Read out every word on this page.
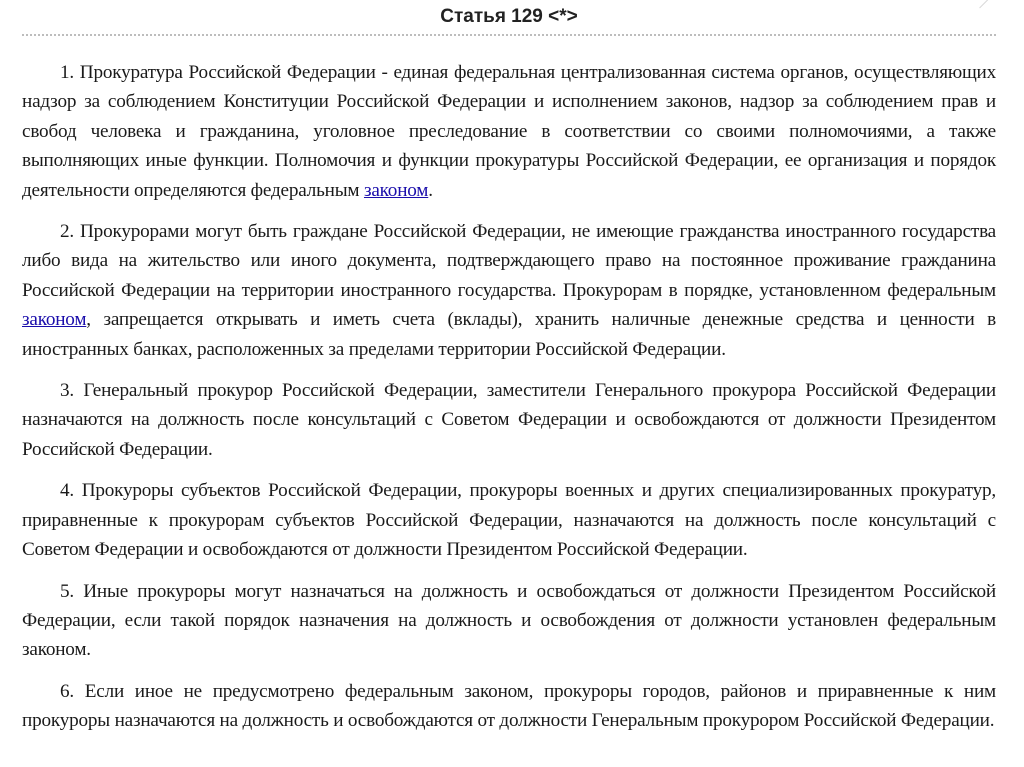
Статья 129 <*>

1. Прокуратура Российской Федерации - единая федеральная централизованная система органов, осуществляющих надзор за соблюдением Конституции Российской Федерации и исполнением законов, надзор за соблюдением прав и свобод человека и гражданина, уголовное преследование в соответствии со своими полномочиями, а также выполняющих иные функции. Полномочия и функции прокуратуры Российской Федерации, ее организация и порядок деятельности определяются федеральным законом.

2. Прокурорами могут быть граждане Российской Федерации, не имеющие гражданства иностранного государства либо вида на жительство или иного документа, подтверждающего право на постоянное проживание гражданина Российской Федерации на территории иностранного государства. Прокурорам в порядке, установленном федеральным законом, запрещается открывать и иметь счета (вклады), хранить наличные денежные средства и ценности в иностранных банках, расположенных за пределами территории Российской Федерации.

3. Генеральный прокурор Российской Федерации, заместители Генерального прокурора Российской Федерации назначаются на должность после консультаций с Советом Федерации и освобождаются от должности Президентом Российской Федерации.

4. Прокуроры субъектов Российской Федерации, прокуроры военных и других специализированных прокуратур, приравненные к прокурорам субъектов Российской Федерации, назначаются на должность после консультаций с Советом Федерации и освобождаются от должности Президентом Российской Федерации.

5. Иные прокуроры могут назначаться на должность и освобождаться от должности Президентом Российской Федерации, если такой порядок назначения на должность и освобождения от должности установлен федеральным законом.

6. Если иное не предусмотрено федеральным законом, прокуроры городов, районов и приравненные к ним прокуроры назначаются на должность и освобождаются от должности Генеральным прокурором Российской Федерации.
